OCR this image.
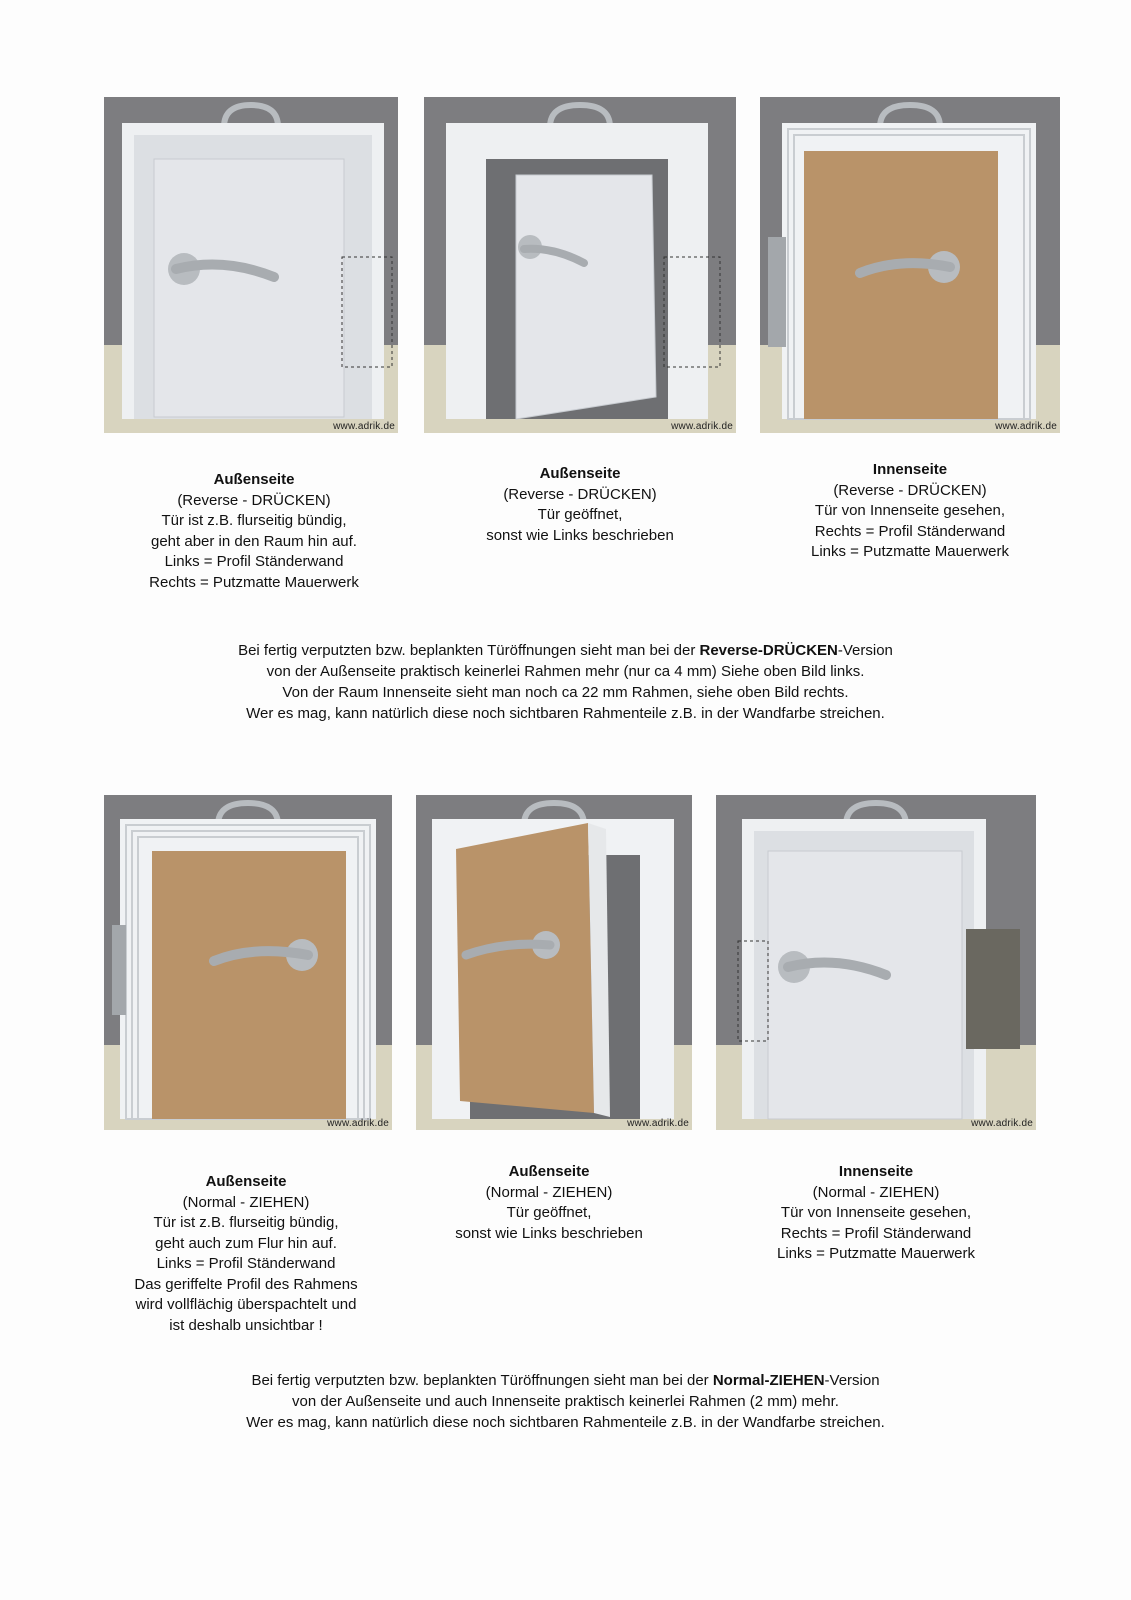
www.adrik.de	www.adrik.de	www.adrik.de
Außenseite
(Reverse - DRÜCKEN)
Tür ist z.B. flurseitig bündig,
geht aber in den Raum hin auf.
Links = Profil Ständerwand
Rechts = Putzmatte Mauerwerk
Außenseite
(Reverse - DRÜCKEN)
Tür geöffnet,
sonst wie Links beschrieben
Innenseite
(Reverse - DRÜCKEN)
Tür von Innenseite gesehen,
Rechts = Profil Ständerwand
Links = Putzmatte Mauerwerk
Bei fertig verputzten bzw. beplankten Türöffnungen sieht man bei der Reverse-DRÜCKEN-Version
von der Außenseite praktisch keinerlei Rahmen mehr (nur ca 4 mm) Siehe oben Bild links.
Von der Raum Innenseite sieht man noch ca 22 mm Rahmen, siehe oben Bild rechts.
Wer es mag, kann natürlich diese noch sichtbaren Rahmenteile z.B. in der Wandfarbe streichen.
www.adrik.de	www.adrik.de	www.adrik.de
Außenseite
(Normal - ZIEHEN)
Tür ist z.B. flurseitig bündig,
geht auch zum Flur hin auf.
Links = Profil Ständerwand
Das geriffelte Profil des Rahmens
wird vollflächig überspachtelt und
ist deshalb unsichtbar !
Außenseite
(Normal - ZIEHEN)
Tür geöffnet,
sonst wie Links beschrieben
Innenseite
(Normal - ZIEHEN)
Tür von Innenseite gesehen,
Rechts = Profil Ständerwand
Links = Putzmatte Mauerwerk
Bei fertig verputzten bzw. beplankten Türöffnungen sieht man bei der Normal-ZIEHEN-Version
von der Außenseite und auch Innenseite praktisch keinerlei Rahmen (2 mm) mehr.
Wer es mag, kann natürlich diese noch sichtbaren Rahmenteile z.B. in der Wandfarbe streichen.
